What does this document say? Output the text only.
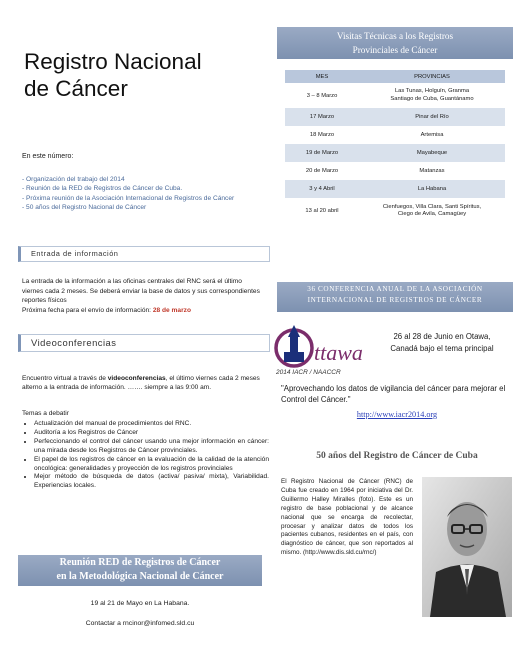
Registro Nacional
de Cáncer
En este número:
- Organización del trabajo del 2014
- Reunión de la RED de Registros de Cáncer de Cuba.
- Próxima reunión de la Asociación Internacional de Registros de Cáncer
- 50 años del Registro Nacional de Cáncer
Entrada de información
La entrada de la información a las oficinas centrales del RNC será el último viernes cada 2 meses. Se deberá enviar la base de datos y sus correspondientes reportes físicos
Próxima fecha para el envío de información: 28 de marzo
Videoconferencias
Encuentro virtual a través de videoconferencias, el último viernes cada 2 meses alterno a la entrada de información. ……. siempre a las 9:00 am.
Temas a debatir
• Actualización del manual de procedimientos del RNC.
• Auditoría a los Registros de Cáncer
• Perfeccionando el control del cáncer usando una mejor información en cáncer: una mirada desde los Registros de Cáncer provinciales.
• El papel de los registros de cáncer en la evaluación de la calidad de la atención oncológica: generalidades y proyección de los registros provinciales
• Mejor método de búsqueda de datos (activa/ pasiva/ mixta), Variabilidad. Experiencias locales.
Reunión RED de Registros de Cáncer
en la Metodológica Nacional de Cáncer
19 al 21 de Mayo en La Habana.
Contactar a rncinor@infomed.sld.cu
Visitas Técnicas a los Registros
Provinciales de Cáncer
MES	PROVINCIAS
3 – 8 Marzo	Las Tunas, Holguín, Granma
Santiago de Cuba, Guantánamo
17 Marzo	Pinar del Río
18 Marzo	Artemisa
19 de Marzo	Mayabeque
20 de Marzo	Matanzas
3 y 4 Abril	La Habana
13 al 20 abril	Cienfuegos, Villa Clara, Santi Spíritus,
Ciego de Avila, Camagüey
36 CONFERENCIA ANUAL DE LA ASOCIACIÓN
INTERNACIONAL DE REGISTROS DE CÁNCER
ttawa
2014 IACR / NAACCR
26 al 28 de Junio en Otawa,
Canadá bajo el tema principal
"Aprovechando los datos de vigilancia del cáncer para mejorar el Control del Cáncer."
http://www.iacr2014.org
50 años del Registro de Cáncer de Cuba
El Registro Nacional de Cáncer (RNC) de Cuba fue creado en 1964 por iniciativa del Dr. Guillermo Halley Miralles (foto). Este es un registro de base poblacional y de alcance nacional que se encarga de recolectar, procesar y analizar datos de todos los pacientes cubanos, residentes en el país, con diagnóstico de cáncer, que son reportados al mismo. (http://www.dis.sld.cu/rnc/)
